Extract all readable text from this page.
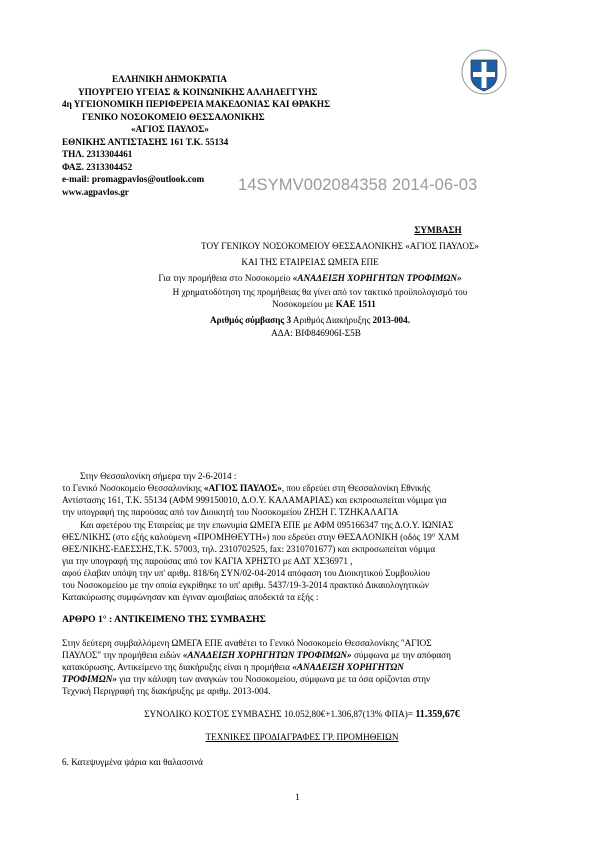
ΕΛΛΗΝΙΚΗ ΔΗΜΟΚΡΑΤΙΑ
ΥΠΟΥΡΓΕΙΟ ΥΓΕΙΑΣ & ΚΟΙΝΩΝΙΚΗΣ ΑΛΛΗΛΕΓΓΥΗΣ
4η ΥΓΕΙΟΝΟΜΙΚΗ ΠΕΡΙΦΕΡΕΙΑ ΜΑΚΕΔΟΝΙΑΣ ΚΑΙ ΘΡΑΚΗΣ
ΓΕΝΙΚΟ ΝΟΣΟΚΟΜΕΙΟ ΘΕΣΣΑΛΟΝΙΚΗΣ
«ΑΓΙΟΣ ΠΑΥΛΟΣ»
ΕΘΝΙΚΗΣ ΑΝΤΙΣΤΑΣΗΣ 161 Τ.Κ. 55134
ΤΗΛ. 2313304461
ΦΑΞ. 2313304452
e-mail: promagpavlos@outlook.com
www.agpavlos.gr	14SYMV002084358 2014-06-03
ΣΥΜΒΑΣΗ
ΤΟΥ ΓΕΝΙΚΟΥ ΝΟΣΟΚΟΜΕΙΟΥ ΘΕΣΣΑΛΟΝΙΚΗΣ «ΑΓΙΟΣ ΠΑΥΛΟΣ»
ΚΑΙ ΤΗΣ ΕΤΑΙΡΕΙΑΣ ΩΜΕΓΑ ΕΠΕ
Για την προμήθεια στο Νοσοκομείο «ΑΝΑΔΕΙΞΗ ΧΟΡΗΓΗΤΩΝ ΤΡΟΦΙΜΩΝ»
Η χρηματοδότηση της προμήθειας θα γίνει από τον τακτικό προϋπολογισμό του
Νοσοκομείου με ΚΑΕ 1511
Αριθμός σύμβασης 3 Αριθμός Διακήρυξης 2013-004.
ΑΔΑ: ΒΙΦ846906Ι-Σ5Β
Στην Θεσσαλονίκη σήμερα την 2-6-2014 :
το Γενικό Νοσοκομείο Θεσσαλονίκης «ΑΓΙΟΣ ΠΑΥΛΟΣ», που εδρεύει στη Θεσσαλονίκη Εθνικής
Αντίστασης 161, Τ.Κ. 55134 (ΑΦΜ 999150010, Δ.Ο.Υ. ΚΑΛΑΜΑΡΙΑΣ) και εκπροσωπείται νόμιμα για
την υπογραφή της παρούσας από τον Διοικητή του Νοσοκομείου ΖΗΣΗ Γ. ΤΖΗΚΑΛΑΓΙΑ
Και αφετέρου της Εταιρείας με την επωνυμία ΩΜΕΓΑ ΕΠΕ με ΑΦΜ 095166347 της Δ.Ο.Υ. ΙΩΝΙΑΣ
ΘΕΣ/ΝΙΚΗΣ (στο εξής καλούμενη «ΠΡΟΜΗΘΕΥΤΗ») που εδρεύει στην ΘΕΣΑΛΟΝΙΚΗ (οδός 19° ΧΛΜ
ΘΕΣ/ΝΙΚΗΣ-ΕΔΕΣΣΗΣ,Τ.Κ. 57003, τηλ. 2310702525, fax: 2310701677) και εκπροσωπείται νόμιμα
για την υπογραφή της παρούσας από τον ΚΑΓΙΑ ΧΡΗΣΤΟ με ΑΔΤ ΧΣ36971 ,
αφού έλαβαν υπόψη την υπ' αριθμ. 818/6η ΣΥΝ/02-04-2014 απόφαση του Διοικητικού Συμβουλίου
του Νοσοκομείου με την οποία εγκρίθηκε το υπ' αριθμ. 5437/19-3-2014 πρακτικό Δικαιολογητικών
Κατακύρωσης συμφώνησαν και έγιναν αμοιβαίως αποδεκτά τα εξής :
ΑΡΘΡΟ 1° : ΑΝΤΙΚΕΙΜΕΝΟ ΤΗΣ ΣΥΜΒΑΣΗΣ
Στην δεύτερη συμβαλλόμενη ΩΜΕΓΑ ΕΠΕ αναθέτει το Γενικό Νοσοκομείο Θεσσαλονίκης "ΑΓΙΟΣ
ΠΑΥΛΟΣ" την προμήθεια ειδών «ΑΝΑΔΕΙΞΗ ΧΟΡΗΓΗΤΩΝ ΤΡΟΦΙΜΩΝ» σύμφωνα με την απόφαση
κατακύρωσης. Αντικείμενο της διακήρυξης είναι η προμήθεια «ΑΝΑΔΕΙΞΗ ΧΟΡΗΓΗΤΩΝ
ΤΡΟΦΙΜΩΝ» για την κάλυψη των αναγκών του Νοσοκομείου, σύμφωνα με τα όσα ορίζονται στην
Τεχνική Περιγραφή της διακήρυξης με αριθμ. 2013-004.
ΣΥΝΟΛΙΚΟ ΚΟΣΤΟΣ ΣΥΜΒΑΣΗΣ 10.052,80€+1.306,87(13% ΦΠΑ)= 11.359,67€
ΤΕΧΝΙΚΕΣ ΠΡΟΔΙΑΓΡΑΦΕΣ ΓΡ. ΠΡΟΜΗΘΕΙΩΝ
6. Κατεψυγμένα ψάρια και θαλασσινά
1
